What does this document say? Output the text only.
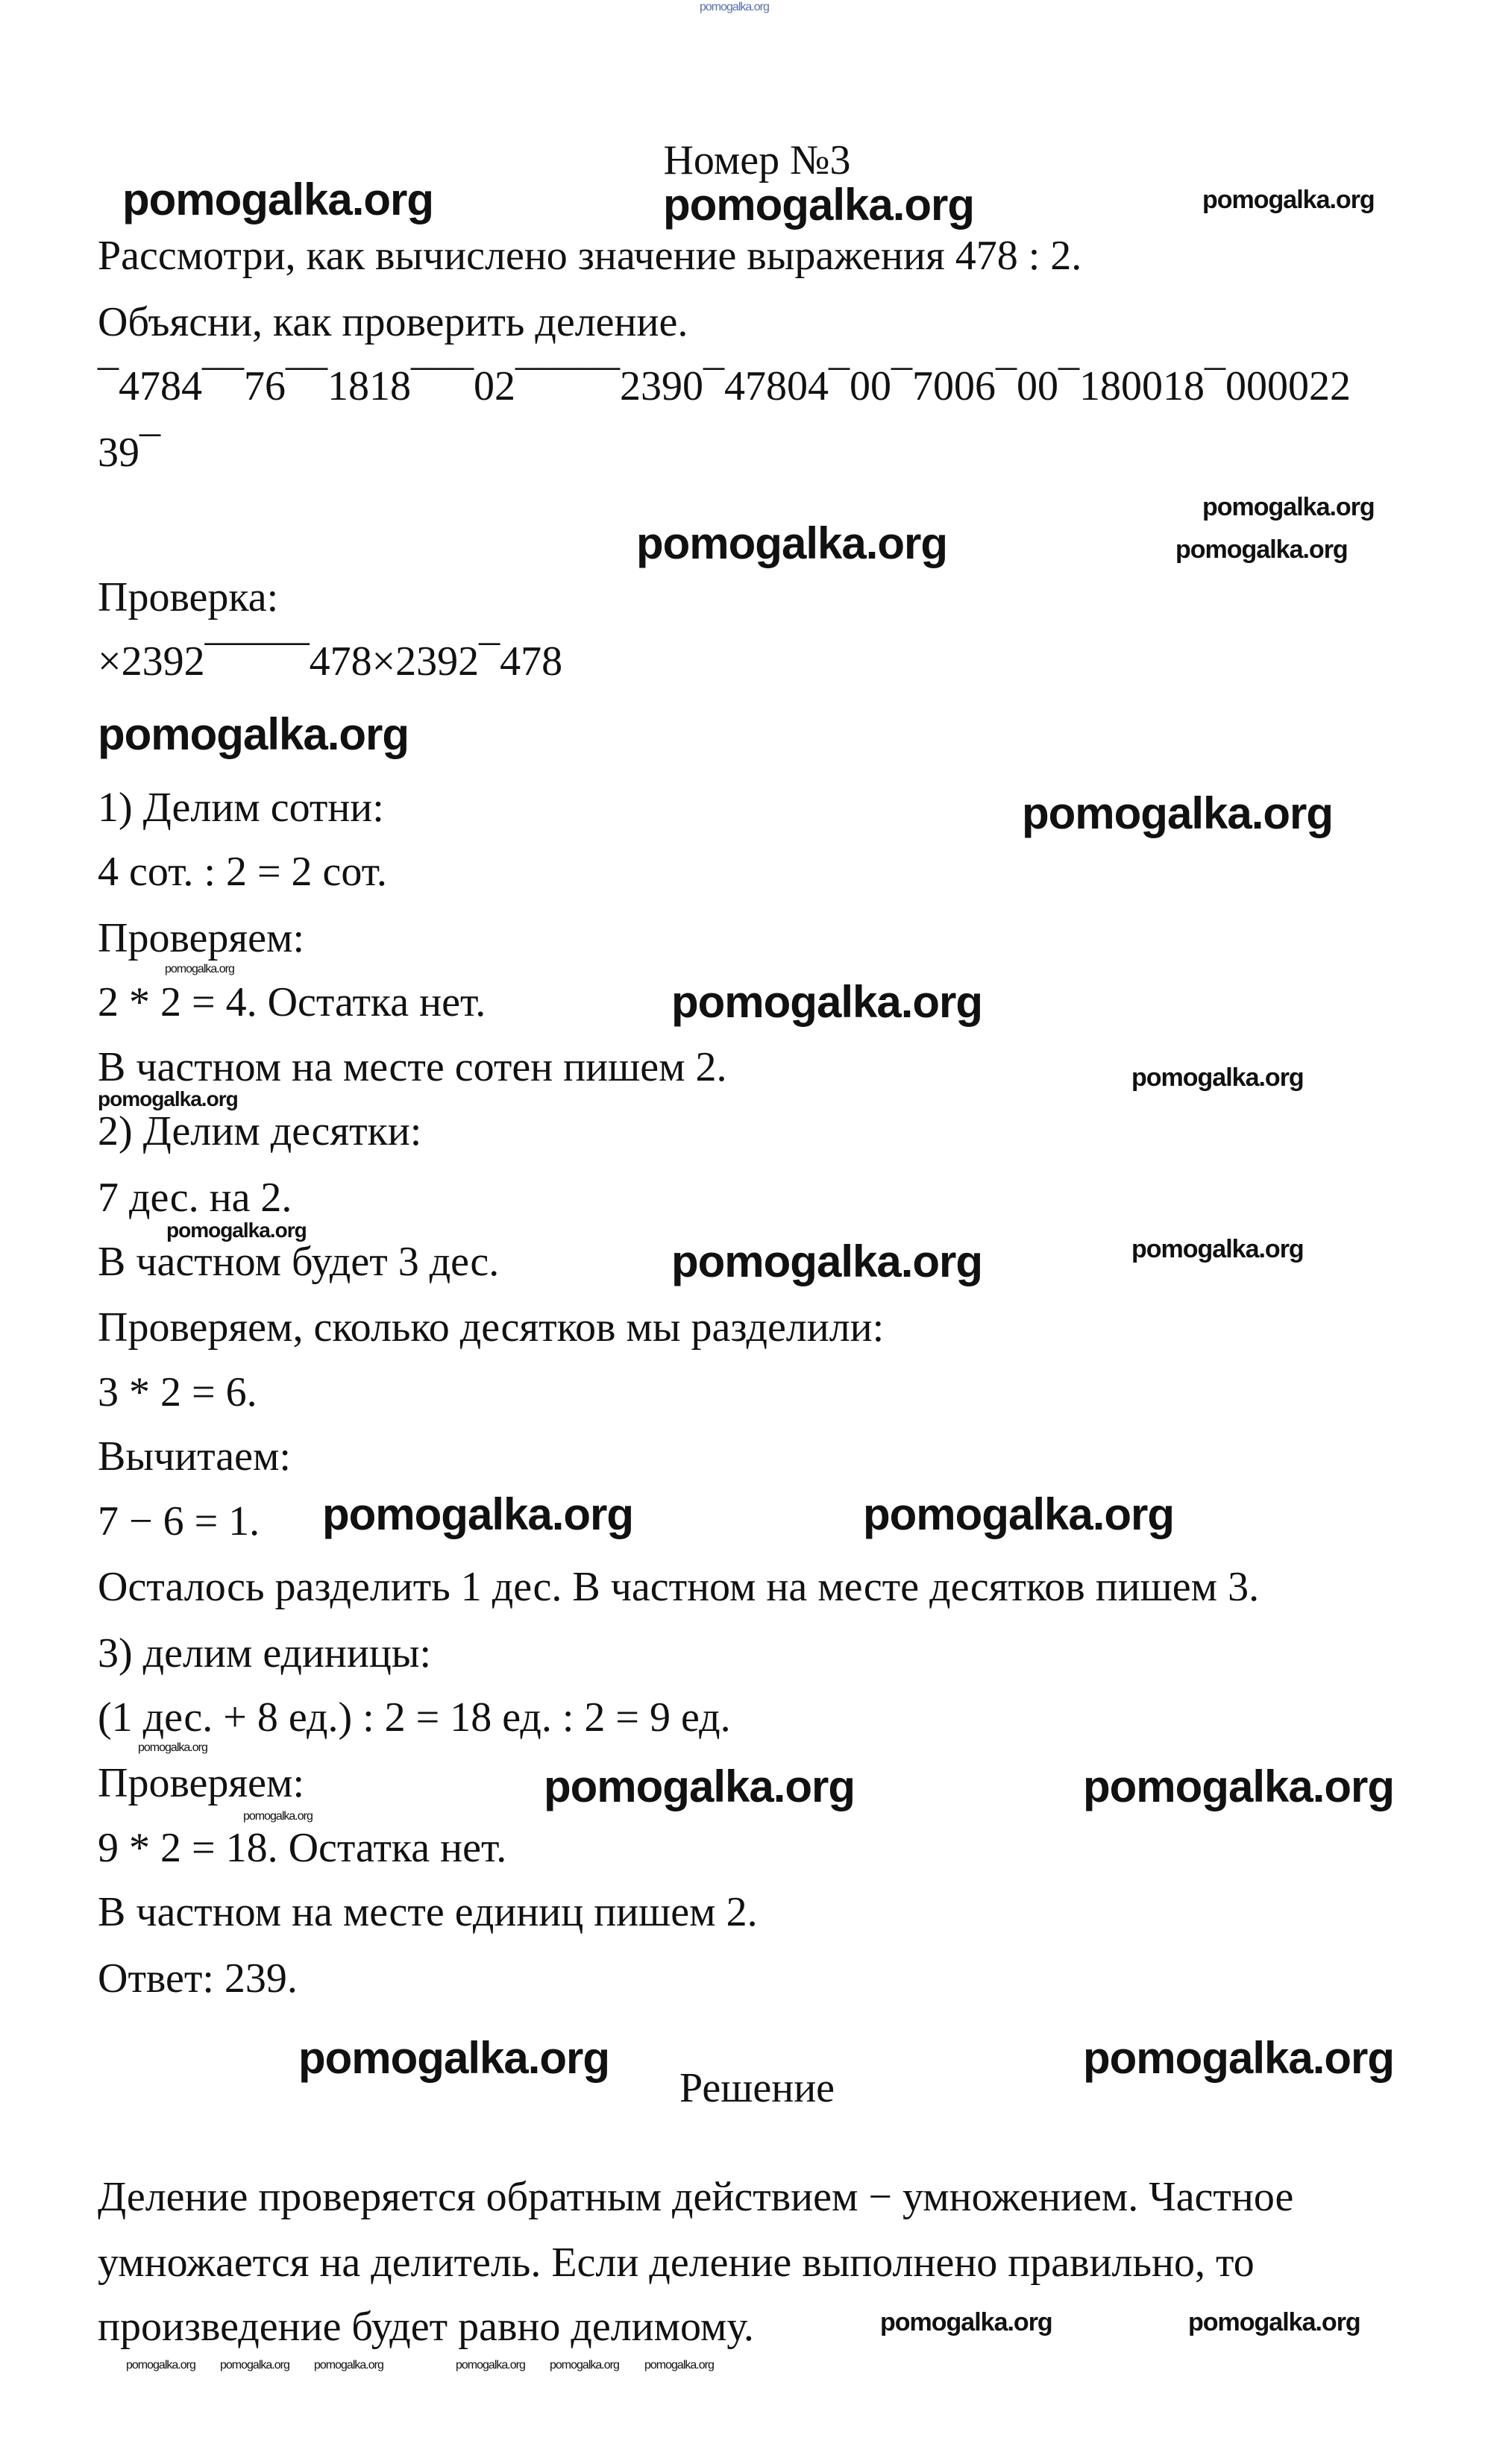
Номер №3
Рассмотри, как вычислено значение выражения 478 : 2.
Объясни, как проверить деление.
¯4784¯¯76¯¯1818¯¯¯02¯¯¯¯¯2390¯47804¯00¯7006¯00¯180018¯000022
39¯
Проверка:
×2392¯¯¯¯¯478×2392¯478
1) Делим сотни:
4 сот. : 2 = 2 сот.
Проверяем:
2 * 2 = 4. Остатка нет.
В частном на месте сотен пишем 2.
2) Делим десятки:
7 дес. на 2.
В частном будет 3 дес.
Проверяем, сколько десятков мы разделили:
3 * 2 = 6.
Вычитаем:
7 − 6 = 1.
Осталось разделить 1 дес. В частном на месте десятков пишем 3.
3) делим единицы:
(1 дес. + 8 ед.) : 2 = 18 ед. : 2 = 9 ед.
Проверяем:
9 * 2 = 18. Остатка нет.
В частном на месте единиц пишем 2.
Ответ: 239.
Решение
Деление проверяется обратным действием − умножением. Частное
умножается на делитель. Если деление выполнено правильно, то
произведение будет равно делимому.
pomogalka.org
pomogalka.org	pomogalka.org
pomogalka.org
pomogalka.org
pomogalka.org
pomogalka.org
pomogalka.org
pomogalka.org	pomogalka.org
pomogalka.org	pomogalka.org
pomogalka.org	pomogalka.org
pomogalka.org
pomogalka.org
pomogalka.org
pomogalka.org
pomogalka.org
pomogalka.org	pomogalka.org
pomogalka.org
pomogalka.org
pomogalka.org
pomogalka.org
pomogalka.org
pomogalka.org pomogalka.org pomogalka.org	pomogalka.org pomogalka.org pomogalka.org
